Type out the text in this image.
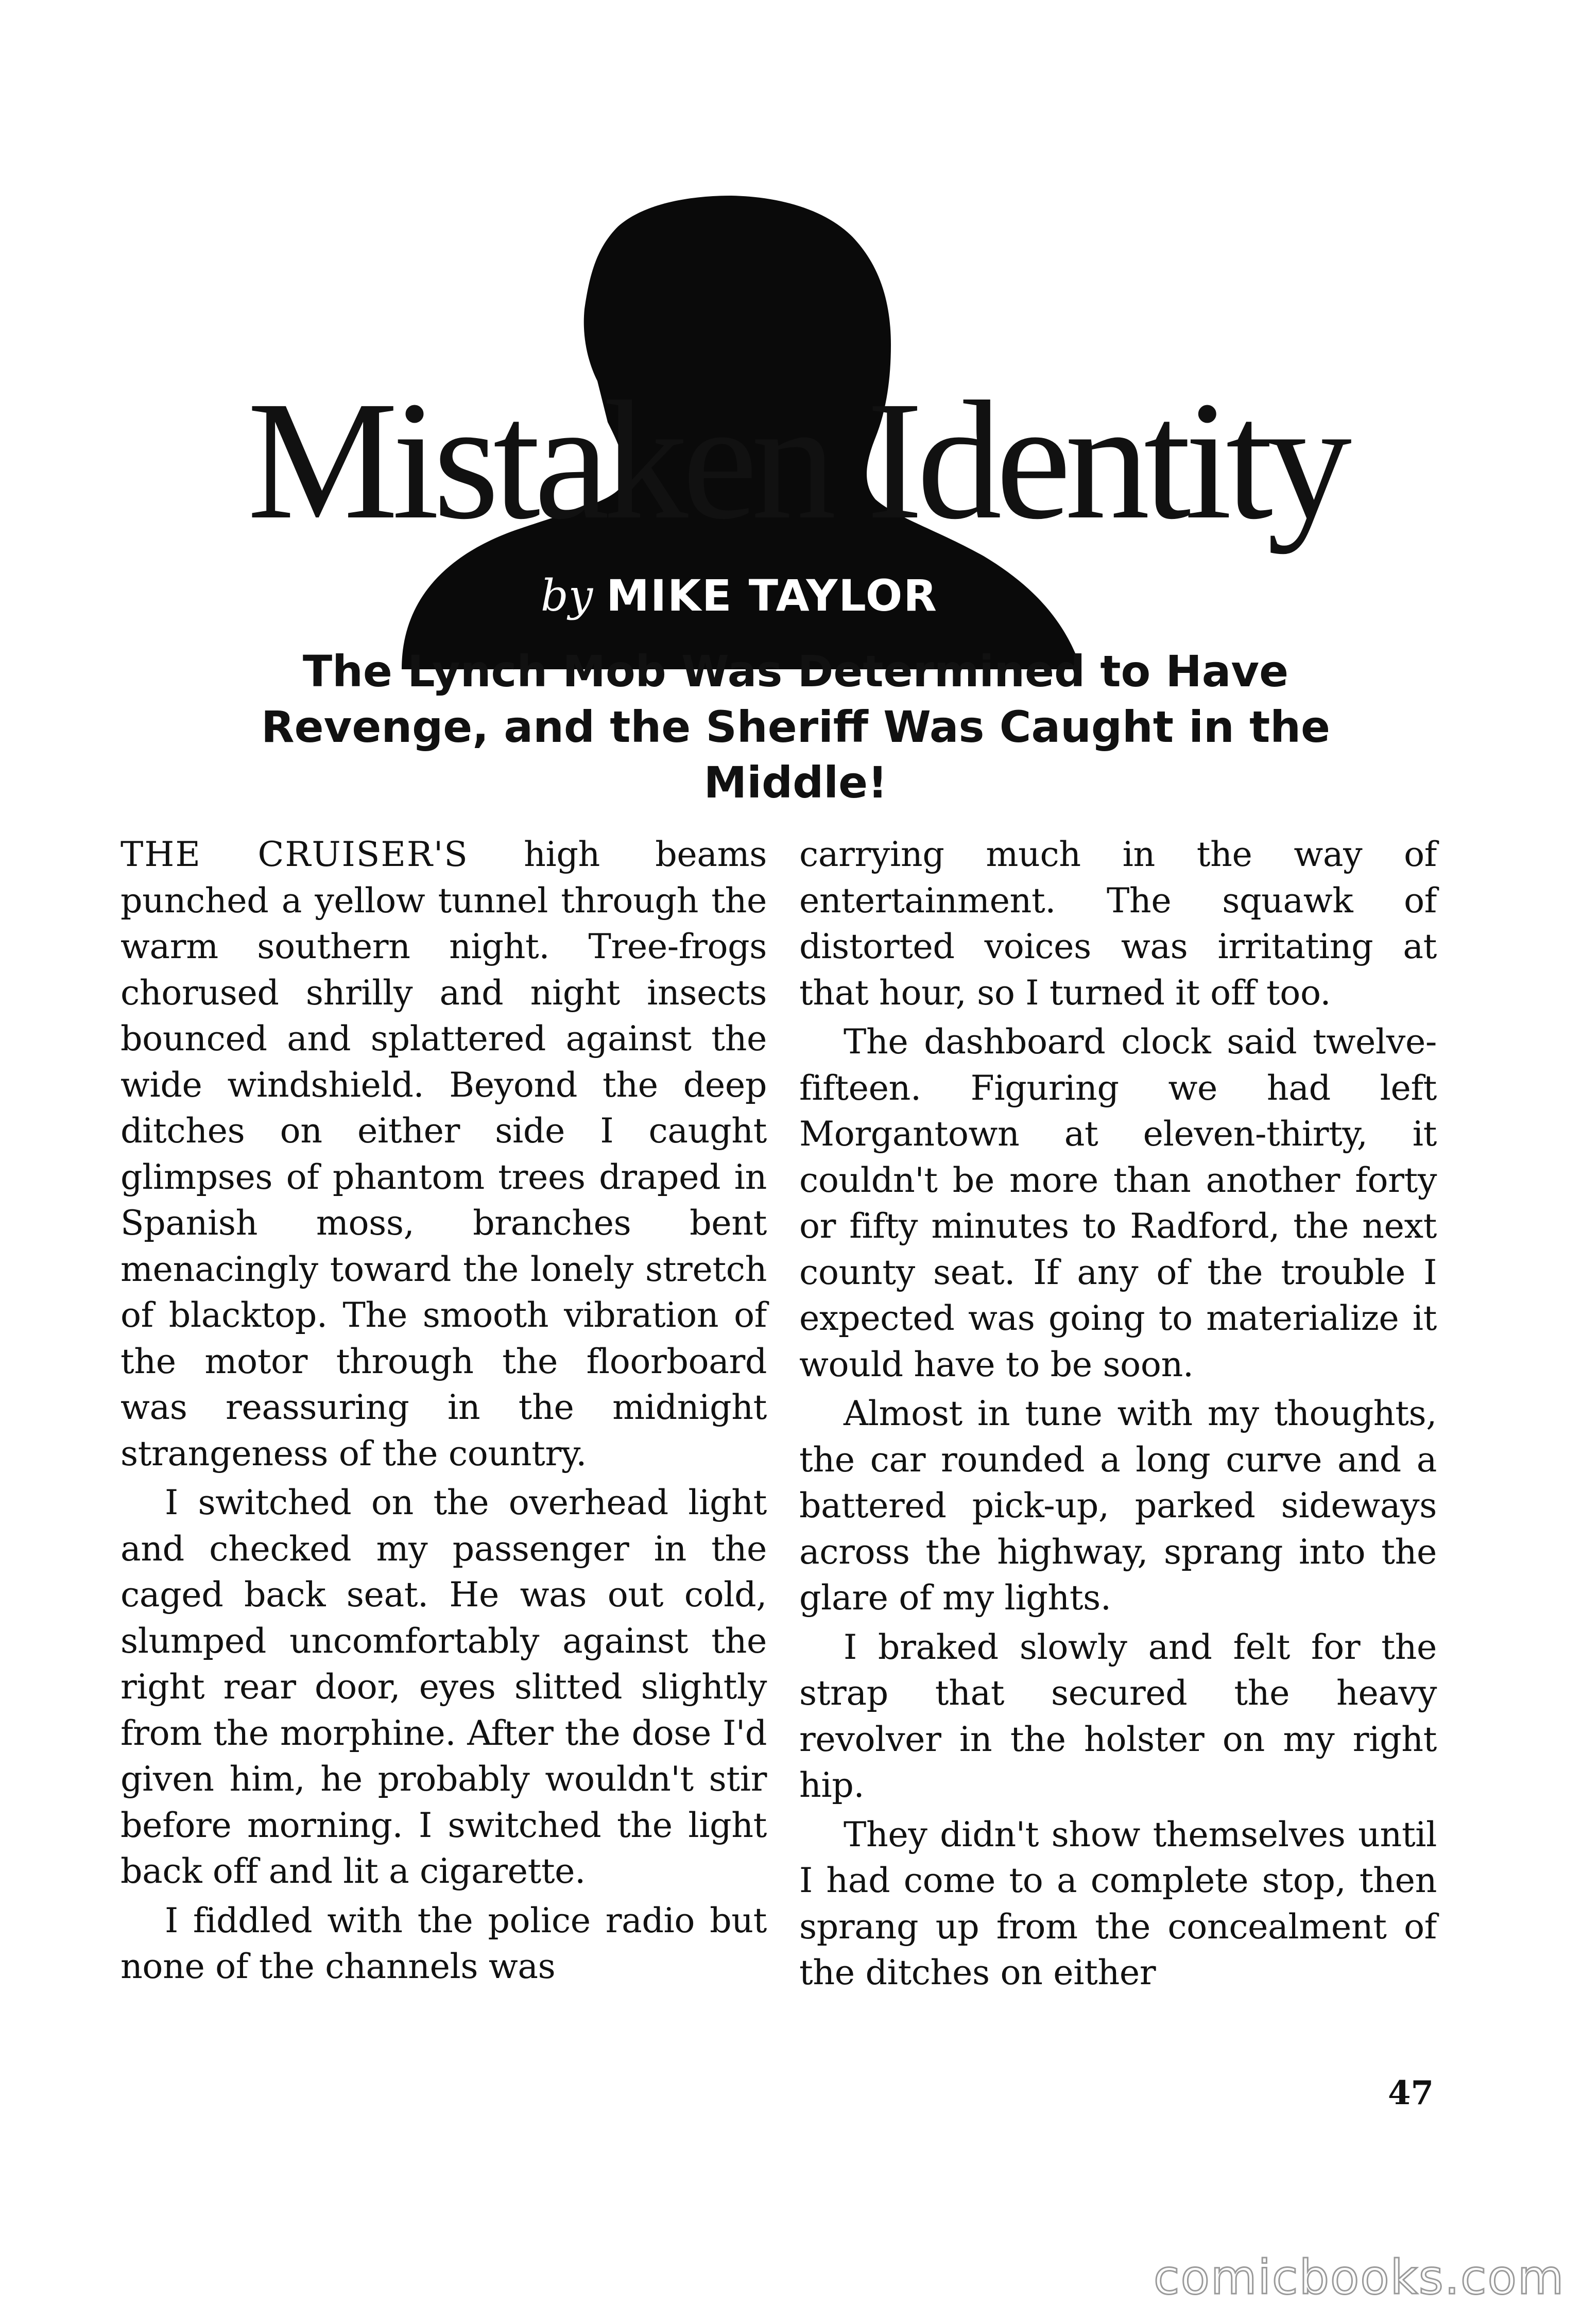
Mistaken Identity
by MIKE TAYLOR
The Lynch Mob Was Determined to Have Revenge, and the Sheriff Was Caught in the Middle!

THE CRUISER'S high beams punched a yellow tunnel through the warm southern night. Tree-frogs chorused shrilly and night insects bounced and splattered against the wide windshield. Beyond the deep ditches on either side I caught glimpses of phantom trees draped in Spanish moss, branches bent menacingly toward the lonely stretch of blacktop. The smooth vibration of the motor through the floorboard was reassuring in the midnight strangeness of the country.

I switched on the overhead light and checked my passenger in the caged back seat. He was out cold, slumped uncomfortably against the right rear door, eyes slitted slightly from the morphine. After the dose I'd given him, he probably wouldn't stir before morning. I switched the light back off and lit a cigarette.

I fiddled with the police radio but none of the channels was

carrying much in the way of entertainment. The squawk of distorted voices was irritating at that hour, so I turned it off too.

The dashboard clock said twelve-fifteen. Figuring we had left Morgantown at eleven-thirty, it couldn't be more than another forty or fifty minutes to Radford, the next county seat. If any of the trouble I expected was going to materialize it would have to be soon.

Almost in tune with my thoughts, the car rounded a long curve and a battered pick-up, parked sideways across the highway, sprang into the glare of my lights.

I braked slowly and felt for the strap that secured the heavy revolver in the holster on my right hip.

They didn't show themselves until I had come to a complete stop, then sprang up from the concealment of the ditches on either

47
comicbooks.com
